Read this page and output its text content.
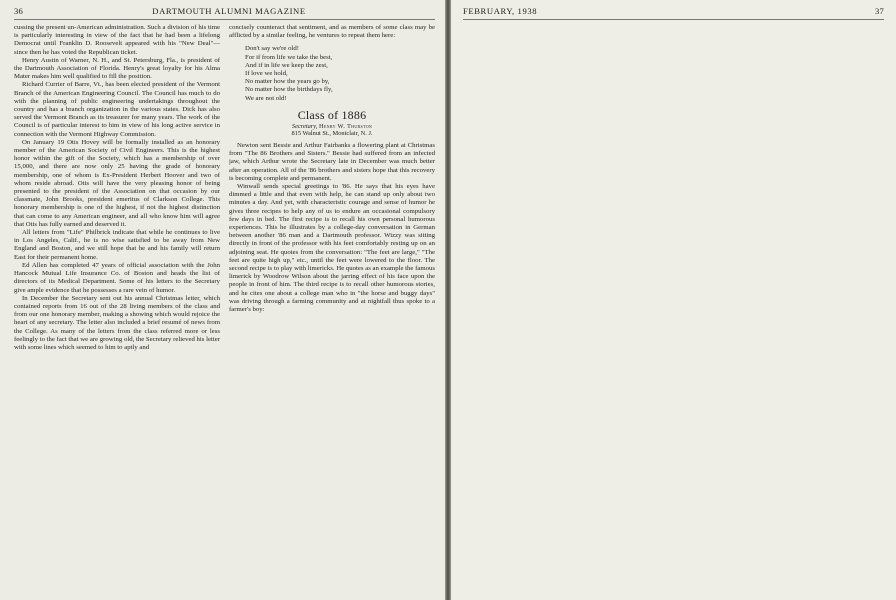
36	DARTMOUTH ALUMNI MAGAZINE

cussing the present un-American administration. Such a division of his time is particularly interesting in view of the fact that he had been a lifelong Democrat until Franklin D. Roosevelt appeared with his "New Deal"—since then he has voted the Republican ticket.

Henry Austin of Warner, N. H., and St. Petersburg, Fla., is president of the Dartmouth Association of Florida. Henry's great loyalty for his Alma Mater makes him well qualified to fill the position.

Richard Currier of Barre, Vt., has been elected president of the Vermont Branch of the American Engineering Council. The Council has much to do with the planning of public engineering undertakings throughout the country and has a branch organization in the various states. Dick has also served the Vermont Branch as its treasurer for many years. The work of the Council is of particular interest to him in view of his long active service in connection with the Vermont Highway Commission.

On January 19 Otis Hovey will be formally installed as an honorary member of the American Society of Civil Engineers. This is the highest honor within the gift of the Society, which has a membership of over 15,000, and there are now only 25 having the grade of honorary membership, one of whom is Ex-President Herbert Hoover and two of whom reside abroad. Otis will have the very pleasing honor of being presented to the president of the Association on that occasion by our classmate, John Brooks, president emeritus of Clarkson College. This honorary membership is one of the highest, if not the highest distinction that can come to any American engineer, and all who know him will agree that Otis has fully earned and deserved it.

All letters from "Life" Philbrick indicate that while he continues to live in Los Angeles, Calif., he is no wise satisfied to be away from New England and Boston, and we still hope that he and his family will return East for their permanent home.

Ed Allen has completed 47 years of official association with the John Hancock Mutual Life Insurance Co. of Boston and heads the list of directors of its Medical Department. Some of his letters to the Secretary give ample evidence that he possesses a rare vein of humor.

In December the Secretary sent out his annual Christmas letter, which contained reports from 16 out of the 28 living members of the class and from our one honorary member, making a showing which would rejoice the heart of any secretary. The letter also included a brief resumé of news from the College. As many of the letters from the class referred more or less feelingly to the fact that we are growing old, the Secretary relieved his letter with some lines which seemed to him to aptly and

concisely counteract that sentiment, and as members of some class may be afflicted by a similar feeling, he ventures to repeat them here:

Don't say we're old!

For if from life we take the best,

And if in life we keep the zest,

If love we hold,

No matter how the years go by,

No matter how the birthdays fly,

We are not old!

Class of 1886
Secretary, Henry W. Thurston
815 Walnut St., Montclair, N. J.

Newton sent Bessie and Arthur Fairbanks a flowering plant at Christmas from "The 86 Brothers and Sisters." Bessie had suffered from an infected jaw, which Arthur wrote the Secretary late in December was much better after an operation. All of the '86 brothers and sisters hope that this recovery is becoming complete and permanent.

Winwall sends special greetings to '86. He says that his eyes have dimmed a little and that even with help, he can stand up only about two minutes a day. And yet, with characteristic courage and sense of humor he gives three recipes to help any of us to endure an occasional compulsory few days in bed. The first recipe is to recall his own personal humorous experiences. This he illustrates by a college-day conversation in German between another '86 man and a Dartmouth professor. Wizzy was sitting directly in front of the professor with his feet comfortably resting up on an adjoining seat. He quotes from the conversation: "The feet are large," "The feet are quite high up," etc., until the feet were lowered to the floor. The second recipe is to play with limericks. He quotes as an example the famous limerick by Woodrow Wilson about the jarring effect of his face upon the people in front of him. The third recipe is to recall other humorous stories, and he cites one about a college man who in "the horse and buggy days" was driving through a farming community and at nightfall thus spoke to a farmer's boy:

FEBRUARY, 1938	37
